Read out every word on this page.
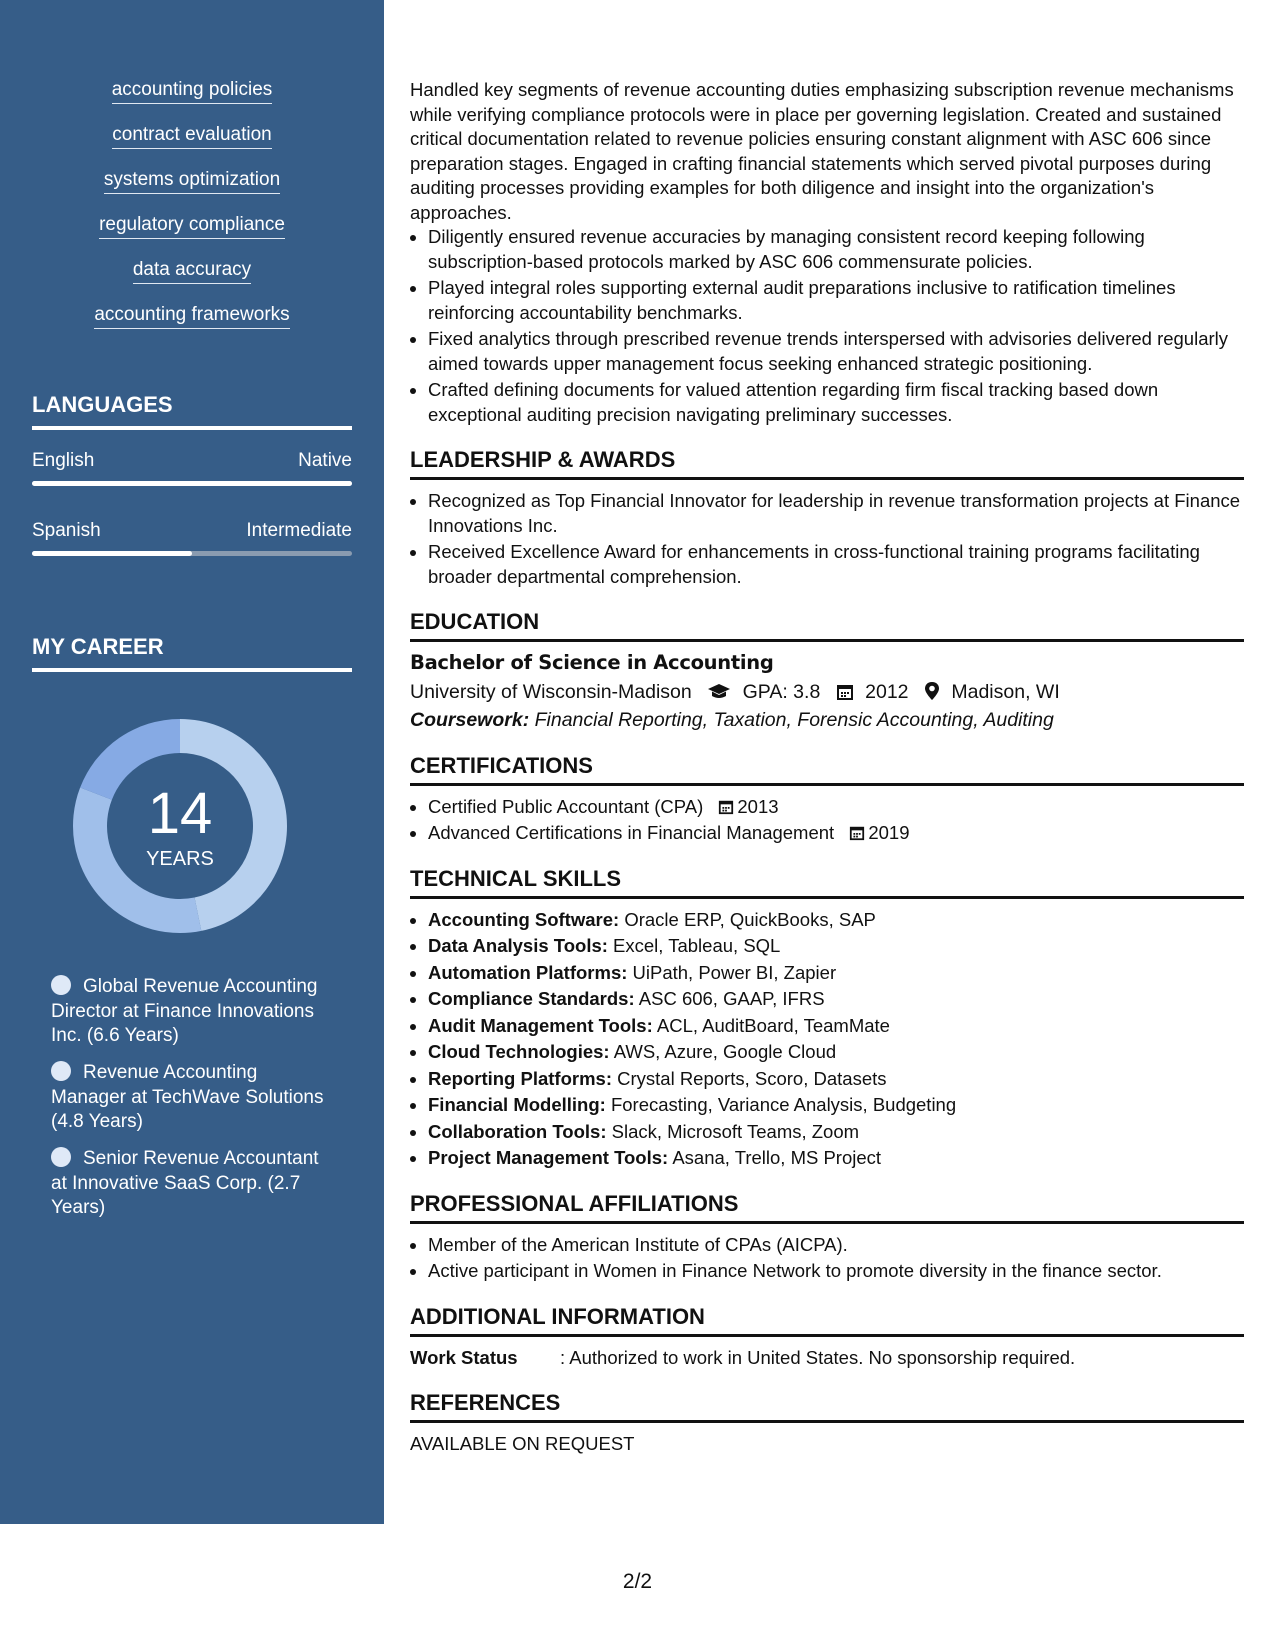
accounting policies
contract evaluation
systems optimization
regulatory compliance
data accuracy
accounting frameworks
LANGUAGES
English	Native
Spanish	Intermediate
MY CAREER
14
YEARS
Global Revenue Accounting Director at Finance Innovations Inc. (6.6 Years)
Revenue Accounting Manager at TechWave Solutions (4.8 Years)
Senior Revenue Accountant at Innovative SaaS Corp. (2.7 Years)

Handled key segments of revenue accounting duties emphasizing subscription revenue mechanisms while verifying compliance protocols were in place per governing legislation. Created and sustained critical documentation related to revenue policies ensuring constant alignment with ASC 606 since preparation stages. Engaged in crafting financial statements which served pivotal purposes during auditing processes providing examples for both diligence and insight into the organization's approaches.

• Diligently ensured revenue accuracies by managing consistent record keeping following subscription-based protocols marked by ASC 606 commensurate policies.
• Played integral roles supporting external audit preparations inclusive to ratification timelines reinforcing accountability benchmarks.
• Fixed analytics through prescribed revenue trends interspersed with advisories delivered regularly aimed towards upper management focus seeking enhanced strategic positioning.
• Crafted defining documents for valued attention regarding firm fiscal tracking based down exceptional auditing precision navigating preliminary successes.
LEADERSHIP & AWARDS
• Recognized as Top Financial Innovator for leadership in revenue transformation projects at Finance Innovations Inc.
• Received Excellence Award for enhancements in cross-functional training programs facilitating broader departmental comprehension.
EDUCATION
Bachelor of Science in Accounting
University of Wisconsin-Madison	GPA: 3.8 2012 Madison, WI
Coursework: Financial Reporting, Taxation, Forensic Accounting, Auditing
CERTIFICATIONS
• Certified Public Accountant (CPA) 2013
• Advanced Certifications in Financial Management 2019
TECHNICAL SKILLS
• Accounting Software: Oracle ERP, QuickBooks, SAP
• Data Analysis Tools: Excel, Tableau, SQL
• Automation Platforms: UiPath, Power BI, Zapier
• Compliance Standards: ASC 606, GAAP, IFRS
• Audit Management Tools: ACL, AuditBoard, TeamMate
• Cloud Technologies: AWS, Azure, Google Cloud
• Reporting Platforms: Crystal Reports, Scoro, Datasets
• Financial Modelling: Forecasting, Variance Analysis, Budgeting
• Collaboration Tools: Slack, Microsoft Teams, Zoom
• Project Management Tools: Asana, Trello, MS Project
PROFESSIONAL AFFILIATIONS
• Member of the American Institute of CPAs (AICPA).
• Active participant in Women in Finance Network to promote diversity in the finance sector.
ADDITIONAL INFORMATION
Work Status	: Authorized to work in United States. No sponsorship required.
REFERENCES
AVAILABLE ON REQUEST
2/2
